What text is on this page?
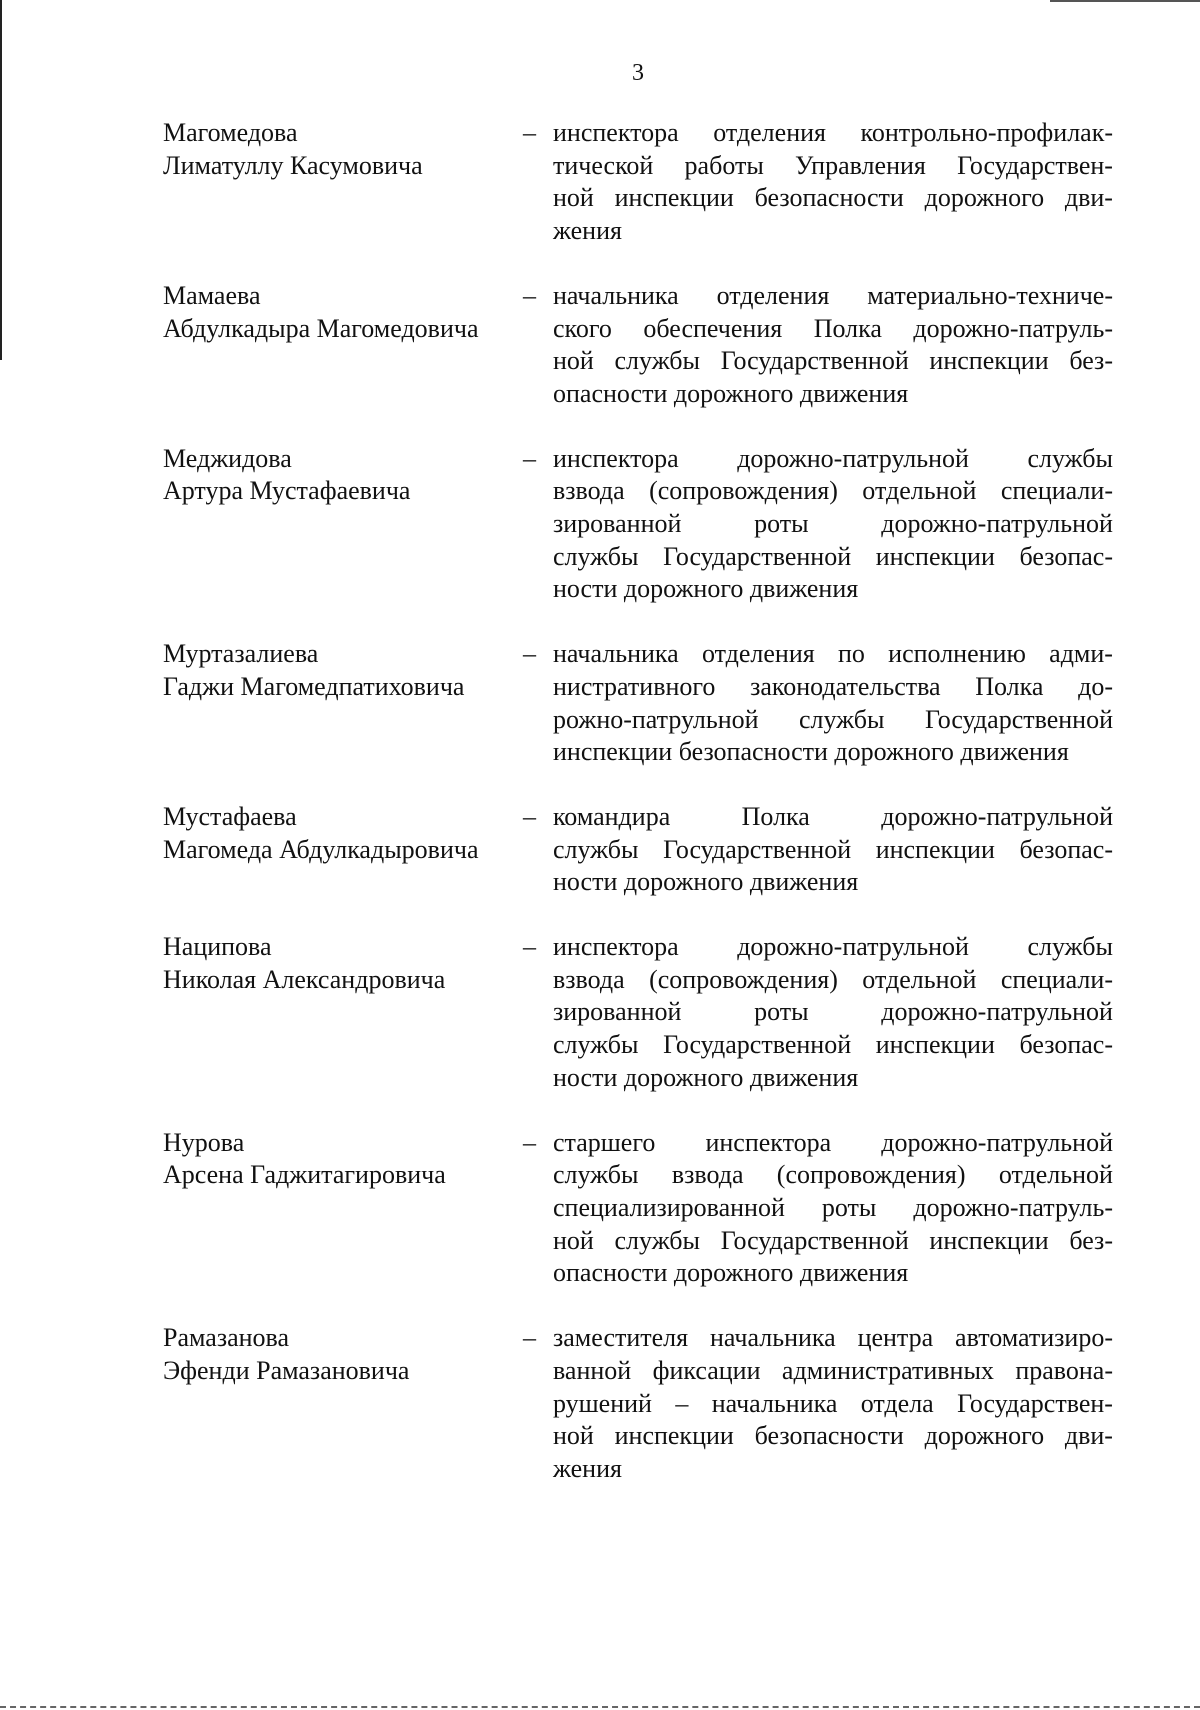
3
Магомедова
Лиматуллу Касумовича
– инспектора отделения контрольно-профилак-
тической работы Управления Государствен-
ной инспекции безопасности дорожного дви-
жения
Мамаева
Абдулкадыра Магомедовича
– начальника отделения материально-техниче-
ского обеспечения Полка дорожно-патруль-
ной службы Государственной инспекции без-
опасности дорожного движения
Меджидова
Артура Мустафаевича
– инспектора дорожно-патрульной службы
взвода (сопровождения) отдельной специали-
зированной	роты	дорожно-патрульной
службы Государственной инспекции безопас-
ности дорожного движения
Муртазалиева
Гаджи Магомедпатиховича
– начальника отделения по исполнению адми-
нистративного законодательства Полка до-
рожно-патрульной службы Государственной
инспекции безопасности дорожного движения
Мустафаева
Магомеда Абдулкадыровича
– командира	Полка	дорожно-патрульной
службы Государственной инспекции безопас-
ности дорожного движения
Наципова
Николая Александровича
– инспектора дорожно-патрульной службы
взвода (сопровождения) отдельной специали-
зированной	роты	дорожно-патрульной
службы Государственной инспекции безопас-
ности дорожного движения
Нурова
Арсена Гаджитагировича
– старшего инспектора дорожно-патрульной
службы взвода (сопровождения) отдельной
специализированной роты дорожно-патруль-
ной службы Государственной инспекции без-
опасности дорожного движения
Рамазанова
Эфенди Рамазановича
– заместителя начальника центра автоматизиро-
ванной фиксации административных правона-
рушений – начальника отдела Государствен-
ной инспекции безопасности дорожного дви-
жения
